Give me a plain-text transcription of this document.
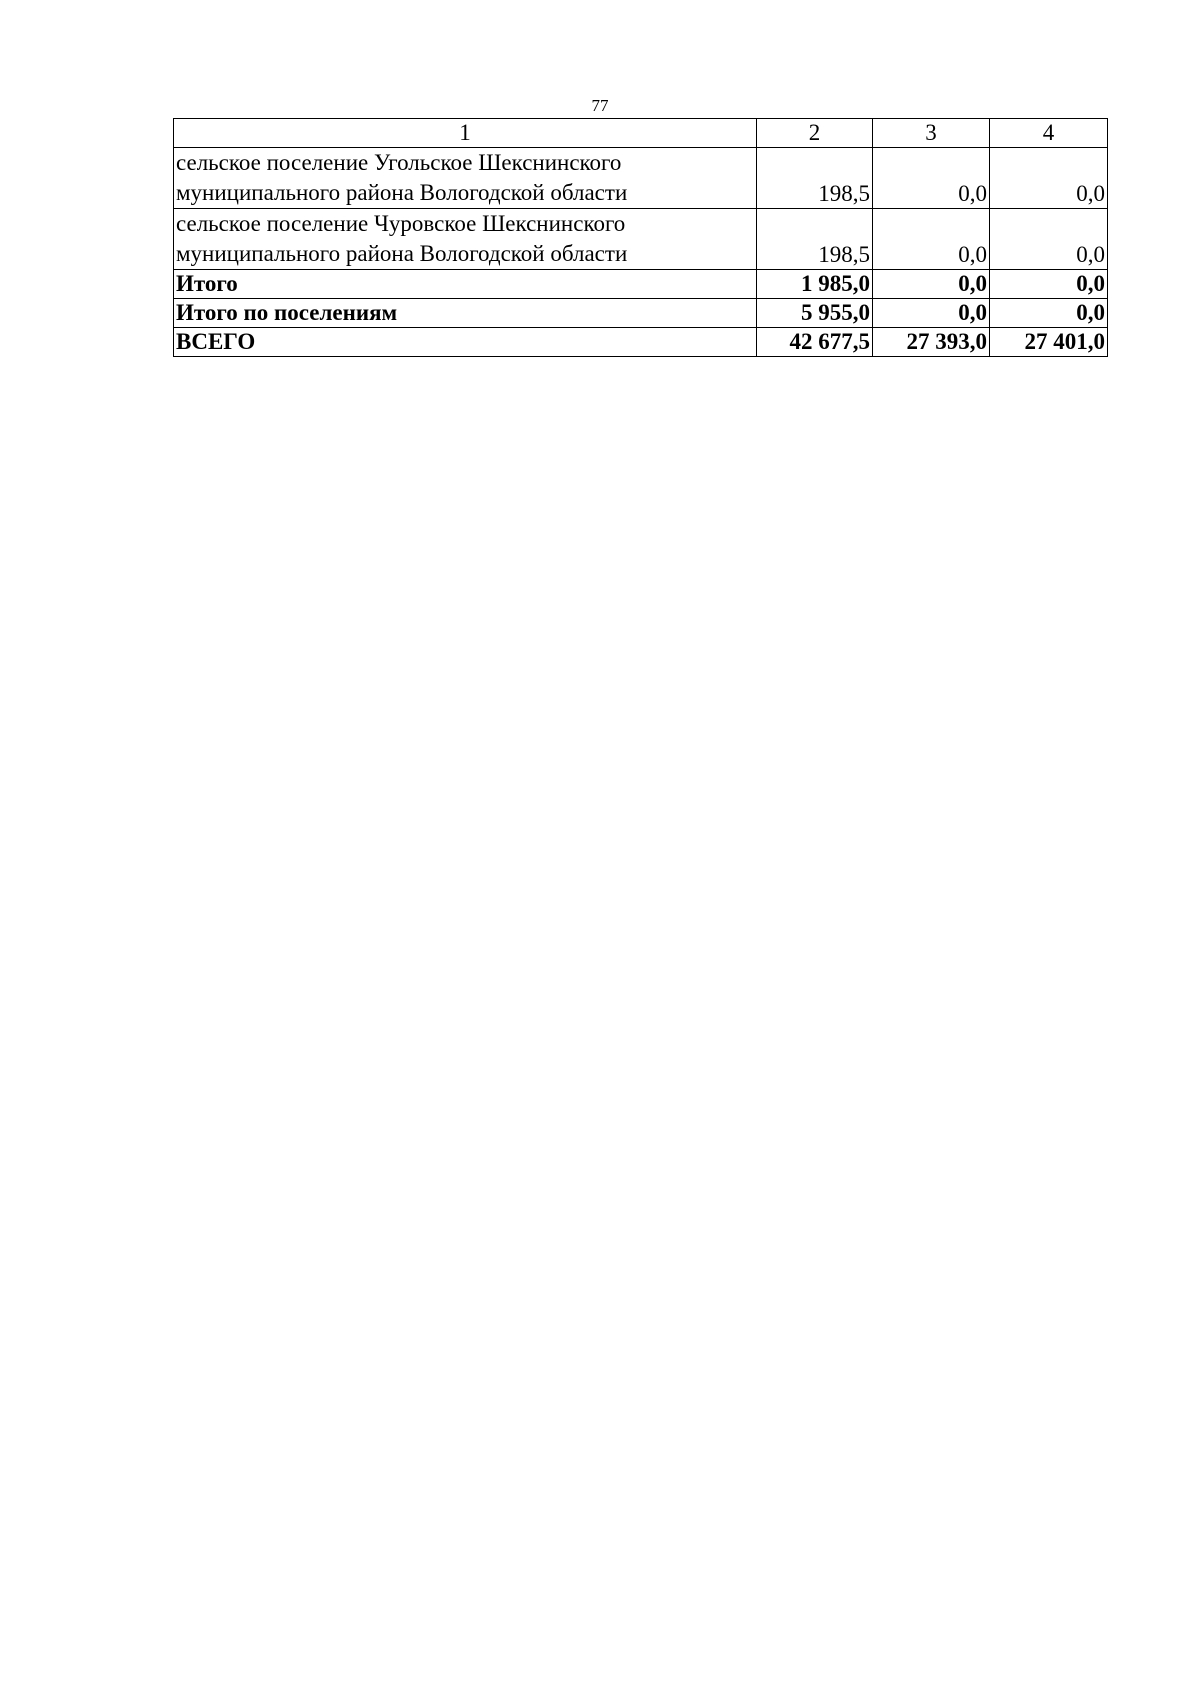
77
1	2	3	4
сельское поселение Угольское Шекснинского муниципального района Вологодской области	198,5	0,0	0,0
сельское поселение Чуровское Шекснинского муниципального района Вологодской области	198,5	0,0	0,0
Итого	1 985,0	0,0	0,0
Итого по поселениям	5 955,0	0,0	0,0
ВСЕГО	42 677,5	27 393,0	27 401,0
